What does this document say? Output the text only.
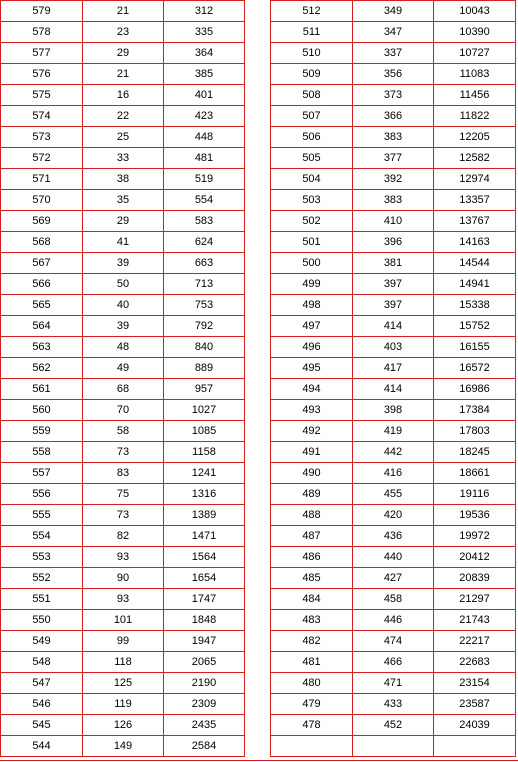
579	21	312
578	23	335
577	29	364
576	21	385
575	16	401
574	22	423
573	25	448
572	33	481
571	38	519
570	35	554
569	29	583
568	41	624
567	39	663
566	50	713
565	40	753
564	39	792
563	48	840
562	49	889
561	68	957
560	70	1027
559	58	1085
558	73	1158
557	83	1241
556	75	1316
555	73	1389
554	82	1471
553	93	1564
552	90	1654
551	93	1747
550	101	1848
549	99	1947
548	118	2065
547	125	2190
546	119	2309
545	126	2435
544	149	2584
512	349	10043
511	347	10390
510	337	10727
509	356	11083
508	373	11456
507	366	11822
506	383	12205
505	377	12582
504	392	12974
503	383	13357
502	410	13767
501	396	14163
500	381	14544
499	397	14941
498	397	15338
497	414	15752
496	403	16155
495	417	16572
494	414	16986
493	398	17384
492	419	17803
491	442	18245
490	416	18661
489	455	19116
488	420	19536
487	436	19972
486	440	20412
485	427	20839
484	458	21297
483	446	21743
482	474	22217
481	466	22683
480	471	23154
479	433	23587
478	452	24039
